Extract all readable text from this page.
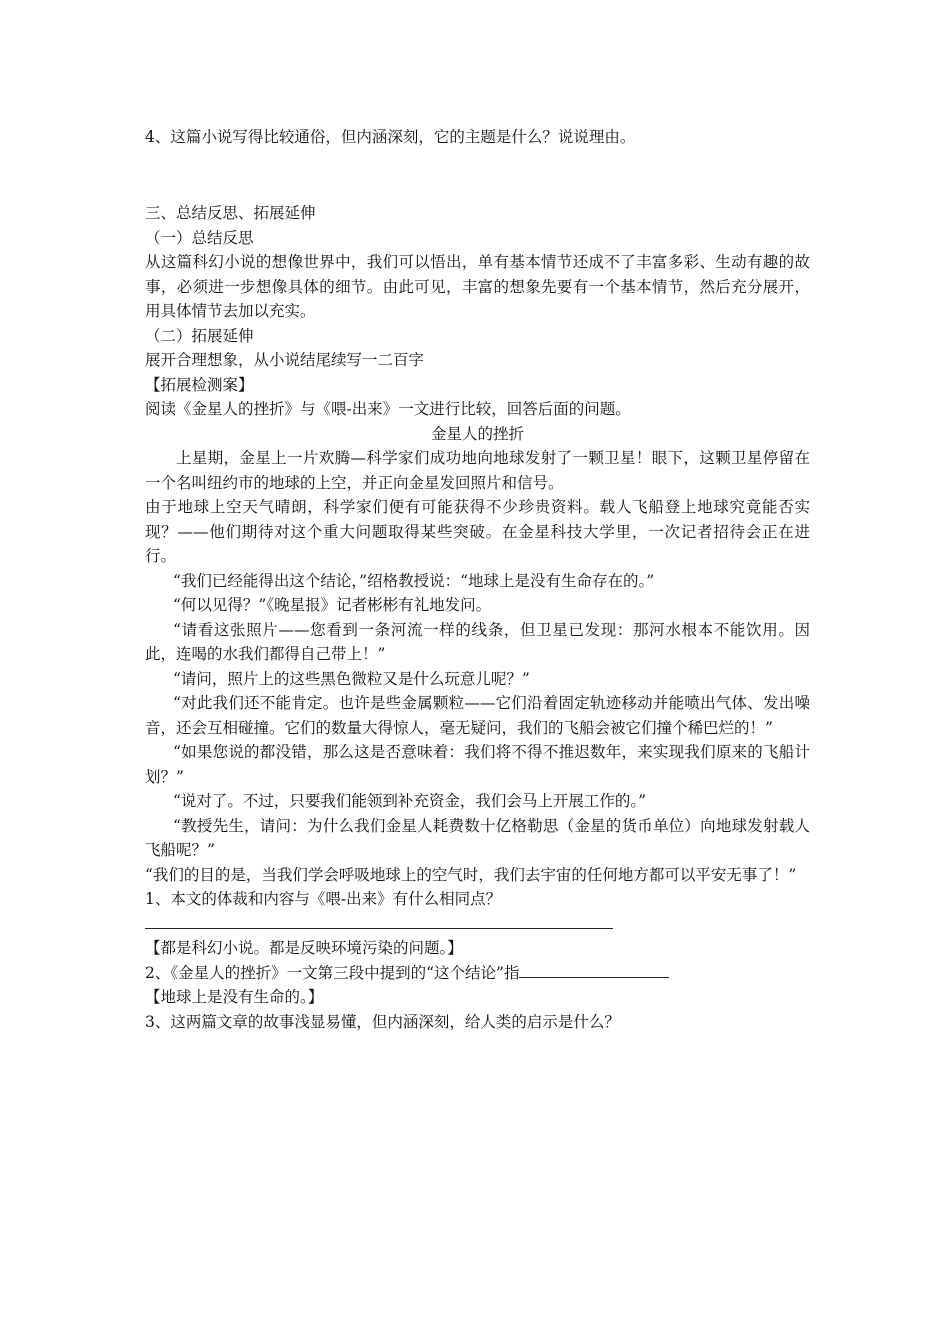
4、这篇小说写得比较通俗，但内涵深刻，它的主题是什么？说说理由。

三、总结反思、拓展延伸

（一）总结反思

从这篇科幻小说的想像世界中，我们可以悟出，单有基本情节还成不了丰富多彩、生动有趣的故事，必须进一步想像具体的细节。由此可见，丰富的想象先要有一个基本情节，然后充分展开，用具体情节去加以充实。

（二）拓展延伸

展开合理想象，从小说结尾续写一二百字

【拓展检测案】

阅读《金星人的挫折》与《喂-出来》一文进行比较，回答后面的问题。

金星人的挫折

上星期，金星上一片欢腾—科学家们成功地向地球发射了一颗卫星！眼下，这颗卫星停留在一个名叫纽约市的地球的上空，并正向金星发回照片和信号。

由于地球上空天气晴朗，科学家们便有可能获得不少珍贵资料。载人飞船登上地球究竟能否实现？——他们期待对这个重大问题取得某些突破。在金星科技大学里，一次记者招待会正在进行。

“我们已经能得出这个结论，”绍格教授说：“地球上是没有生命存在的。”

“何以见得？”《晚星报》记者彬彬有礼地发问。

“请看这张照片——您看到一条河流一样的线条，但卫星已发现：那河水根本不能饮用。因此，连喝的水我们都得自己带上！”

“请问，照片上的这些黑色微粒又是什么玩意儿呢？”

“对此我们还不能肯定。也许是些金属颗粒——它们沿着固定轨迹移动并能喷出气体、发出噪音，还会互相碰撞。它们的数量大得惊人，毫无疑问，我们的飞船会被它们撞个稀巴烂的！”

“如果您说的都没错，那么这是否意味着：我们将不得不推迟数年，来实现我们原来的飞船计划？”

“说对了。不过，只要我们能领到补充资金，我们会马上开展工作的。”

“教授先生，请问：为什么我们金星人耗费数十亿格勒思（金星的货币单位）向地球发射载人飞船呢？”

“我们的目的是，当我们学会呼吸地球上的空气时，我们去宇宙的任何地方都可以平安无事了！”

1、本文的体裁和内容与《喂-出来》有什么相同点？

【都是科幻小说。都是反映环境污染的问题。】

2、《金星人的挫折》一文第三段中提到的“这个结论”指

【地球上是没有生命的。】

3、这两篇文章的故事浅显易懂，但内涵深刻，给人类的启示是什么？
